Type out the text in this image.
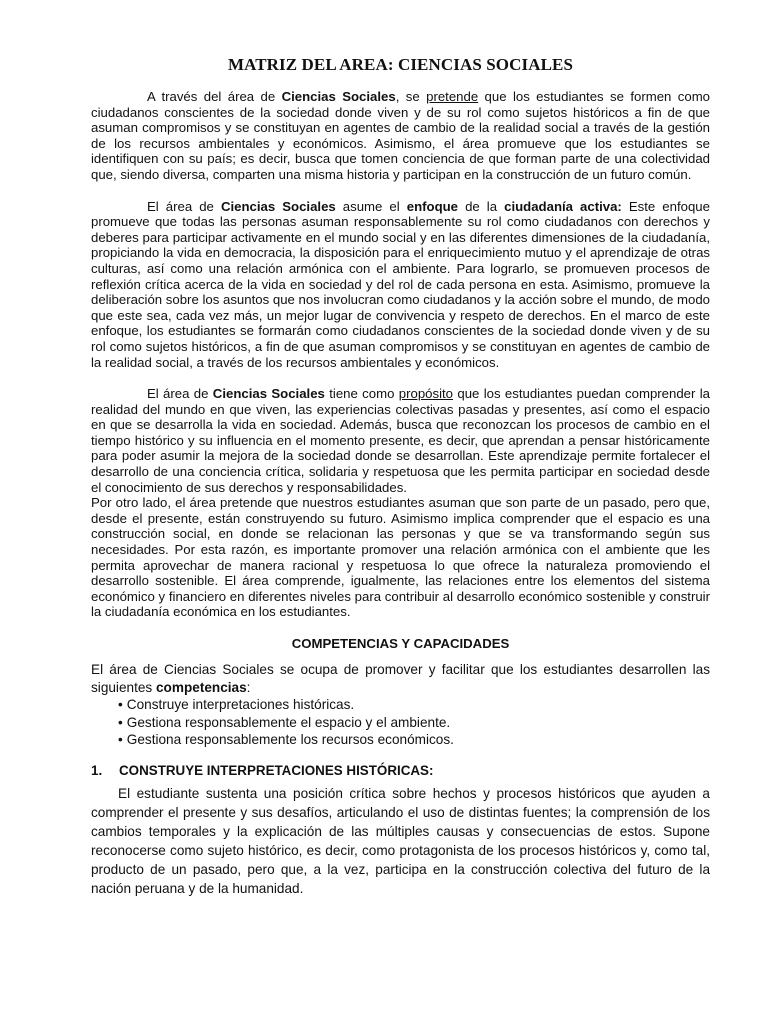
MATRIZ DEL AREA: CIENCIAS SOCIALES

A través del área de Ciencias Sociales, se pretende que los estudiantes se formen como ciudadanos conscientes de la sociedad donde viven y de su rol como sujetos históricos a fin de que asuman compromisos y se constituyan en agentes de cambio de la realidad social a través de la gestión de los recursos ambientales y económicos. Asimismo, el área promueve que los estudiantes se identifiquen con su país; es decir, busca que tomen conciencia de que forman parte de una colectividad que, siendo diversa, comparten una misma historia y participan en la construcción de un futuro común.

El área de Ciencias Sociales asume el enfoque de la ciudadanía activa: Este enfoque promueve que todas las personas asuman responsablemente su rol como ciudadanos con derechos y deberes para participar activamente en el mundo social y en las diferentes dimensiones de la ciudadanía, propiciando la vida en democracia, la disposición para el enriquecimiento mutuo y el aprendizaje de otras culturas, así como una relación armónica con el ambiente. Para lograrlo, se promueven procesos de reflexión crítica acerca de la vida en sociedad y del rol de cada persona en esta. Asimismo, promueve la deliberación sobre los asuntos que nos involucran como ciudadanos y la acción sobre el mundo, de modo que este sea, cada vez más, un mejor lugar de convivencia y respeto de derechos. En el marco de este enfoque, los estudiantes se formarán como ciudadanos conscientes de la sociedad donde viven y de su rol como sujetos históricos, a fin de que asuman compromisos y se constituyan en agentes de cambio de la realidad social, a través de los recursos ambientales y económicos.

El área de Ciencias Sociales tiene como propósito que los estudiantes puedan comprender la realidad del mundo en que viven, las experiencias colectivas pasadas y presentes, así como el espacio en que se desarrolla la vida en sociedad. Además, busca que reconozcan los procesos de cambio en el tiempo histórico y su influencia en el momento presente, es decir, que aprendan a pensar históricamente para poder asumir la mejora de la sociedad donde se desarrollan. Este aprendizaje permite fortalecer el desarrollo de una conciencia crítica, solidaria y respetuosa que les permita participar en sociedad desde el conocimiento de sus derechos y responsabilidades.

Por otro lado, el área pretende que nuestros estudiantes asuman que son parte de un pasado, pero que, desde el presente, están construyendo su futuro. Asimismo implica comprender que el espacio es una construcción social, en donde se relacionan las personas y que se va transformando según sus necesidades. Por esta razón, es importante promover una relación armónica con el ambiente que les permita aprovechar de manera racional y respetuosa lo que ofrece la naturaleza promoviendo el desarrollo sostenible. El área comprende, igualmente, las relaciones entre los elementos del sistema económico y financiero en diferentes niveles para contribuir al desarrollo económico sostenible y construir la ciudadanía económica en los estudiantes.

COMPETENCIAS Y CAPACIDADES

El área de Ciencias Sociales se ocupa de promover y facilitar que los estudiantes desarrollen las siguientes competencias:

• Construye interpretaciones históricas.
• Gestiona responsablemente el espacio y el ambiente.
• Gestiona responsablemente los recursos económicos.
1.	CONSTRUYE INTERPRETACIONES HISTÓRICAS:

El estudiante sustenta una posición crítica sobre hechos y procesos históricos que ayuden a comprender el presente y sus desafíos, articulando el uso de distintas fuentes; la comprensión de los cambios temporales y la explicación de las múltiples causas y consecuencias de estos. Supone reconocerse como sujeto histórico, es decir, como protagonista de los procesos históricos y, como tal, producto de un pasado, pero que, a la vez, participa en la construcción colectiva del futuro de la nación peruana y de la humanidad.
